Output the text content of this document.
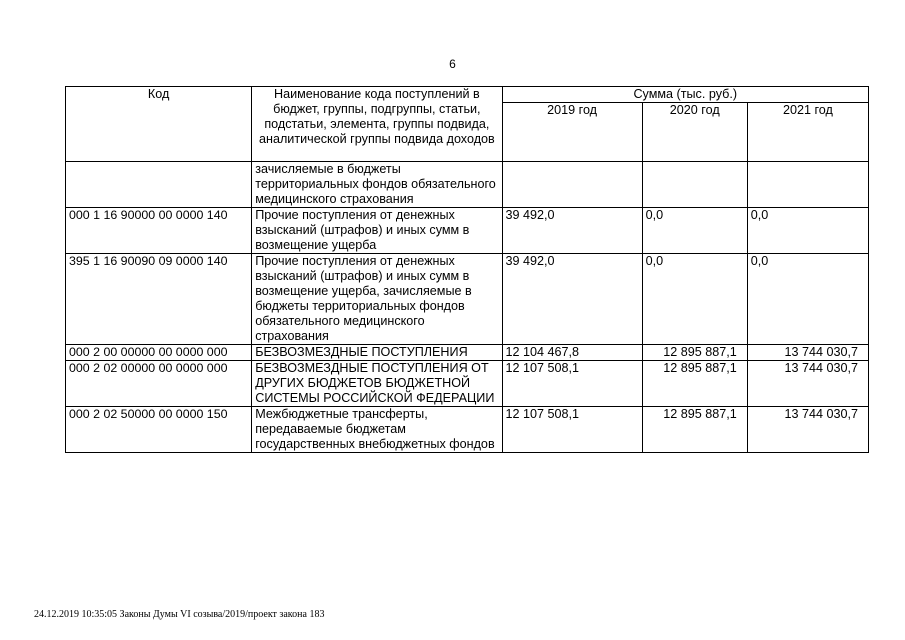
6
Код	Наименование кода поступлений в бюджет, группы, подгруппы, статьи, подстатьи, элемента, группы подвида, аналитической группы подвида доходов	Сумма (тыс. руб.)		
		2019 год	2020 год	2021 год
	зачисляемые в бюджеты территориальных фондов обязательного медицинского страхования			
000 1 16 90000 00 0000 140	Прочие поступления от денежных взысканий (штрафов) и иных сумм в возмещение ущерба	39 492,0	0,0	0,0
395 1 16 90090 09 0000 140	Прочие поступления от денежных взысканий (штрафов) и иных сумм в возмещение ущерба, зачисляемые в бюджеты территориальных фондов обязательного медицинского страхования	39 492,0	0,0	0,0
000 2 00 00000 00 0000 000	БЕЗВОЗМЕЗДНЫЕ ПОСТУПЛЕНИЯ	12 104 467,8	12 895 887,1	13 744 030,7
000 2 02 00000 00 0000 000	БЕЗВОЗМЕЗДНЫЕ ПОСТУПЛЕНИЯ ОТ ДРУГИХ БЮДЖЕТОВ БЮДЖЕТНОЙ СИСТЕМЫ РОССИЙСКОЙ ФЕДЕРАЦИИ	12 107 508,1	12 895 887,1	13 744 030,7
000 2 02 50000 00 0000 150	Межбюджетные трансферты, передаваемые бюджетам государственных внебюджетных фондов	12 107 508,1	12 895 887,1	13 744 030,7
24.12.2019 10:35:05 Законы Думы VI созыва/2019/проект закона 183
